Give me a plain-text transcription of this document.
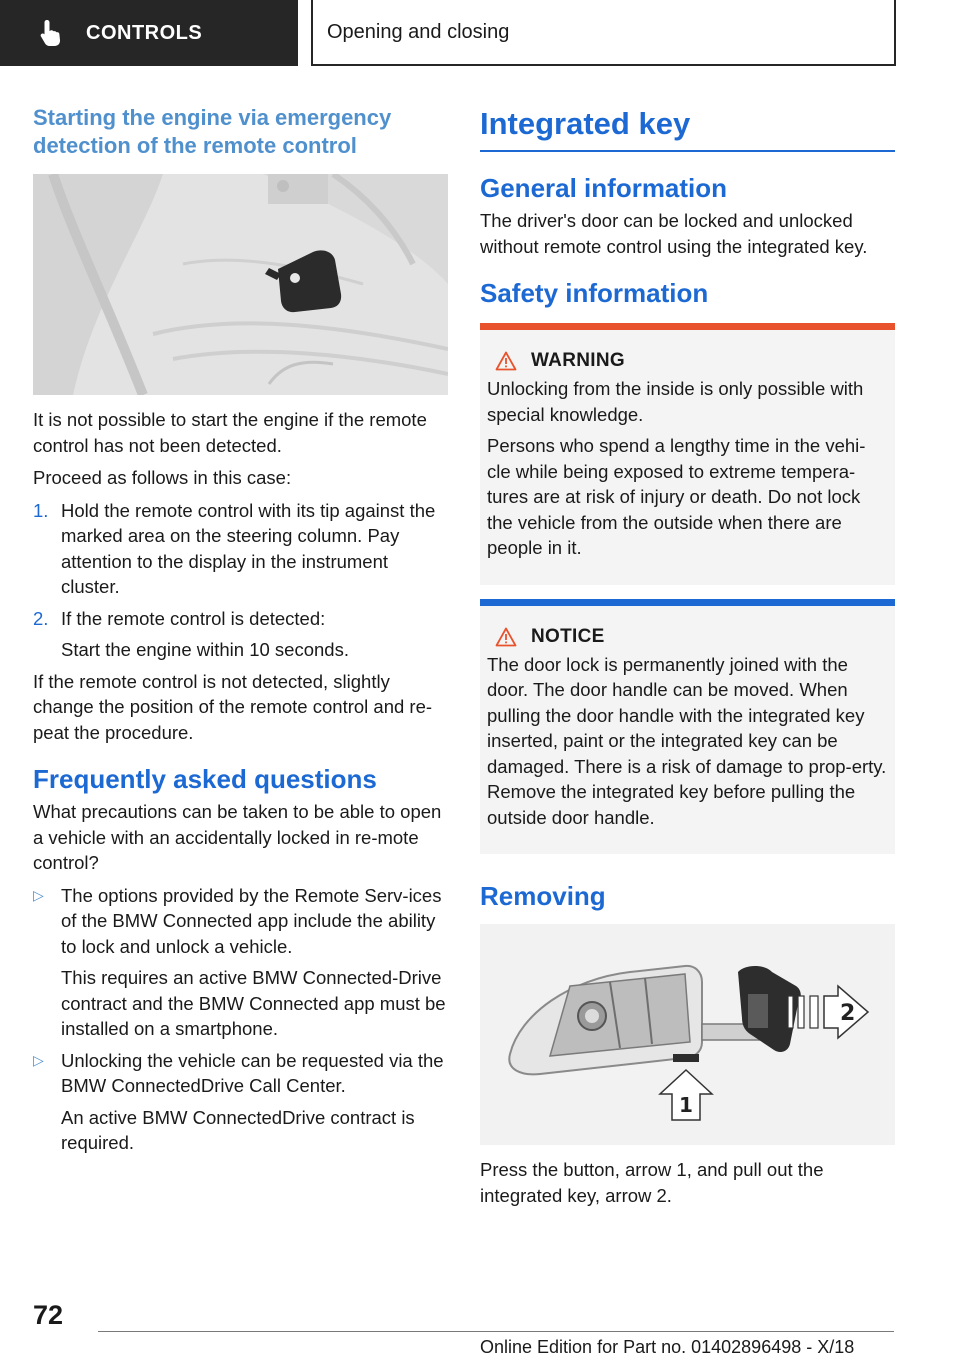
CONTROLS	Opening and closing
Starting the engine via emergency detection of the remote control

It is not possible to start the engine if the remote control has not been detected.

Proceed as follows in this case:

1. Hold the remote control with its tip against the marked area on the steering column. Pay attention to the display in the instrument cluster.
2. If the remote control is detected:
Start the engine within 10 seconds.

If the remote control is not detected, slightly change the position of the remote control and re‐peat the procedure.

Frequently asked questions

What precautions can be taken to be able to open a vehicle with an accidentally locked in re‐mote control?

▷ The options provided by the Remote Serv‐ices of the BMW Connected app include the ability to lock and unlock a vehicle.
This requires an active BMW Connected‐Drive contract and the BMW Connected app must be installed on a smartphone.
▷ Unlocking the vehicle can be requested via the BMW ConnectedDrive Call Center.
An active BMW ConnectedDrive contract is required.
Integrated key
General information

The driver's door can be locked and unlocked without remote control using the integrated key.

Safety information
WARNING

Unlocking from the inside is only possible with special knowledge.

Persons who spend a lengthy time in the vehi‐cle while being exposed to extreme tempera‐tures are at risk of injury or death. Do not lock the vehicle from the outside when there are people in it.

NOTICE

The door lock is permanently joined with the door. The door handle can be moved. When pulling the door handle with the integrated key inserted, paint or the integrated key can be damaged. There is a risk of damage to prop‐erty. Remove the integrated key before pulling the outside door handle.

Removing
2
1

Press the button, arrow 1, and pull out the integrated key, arrow 2.

72
Online Edition for Part no. 01402896498 - X/18
